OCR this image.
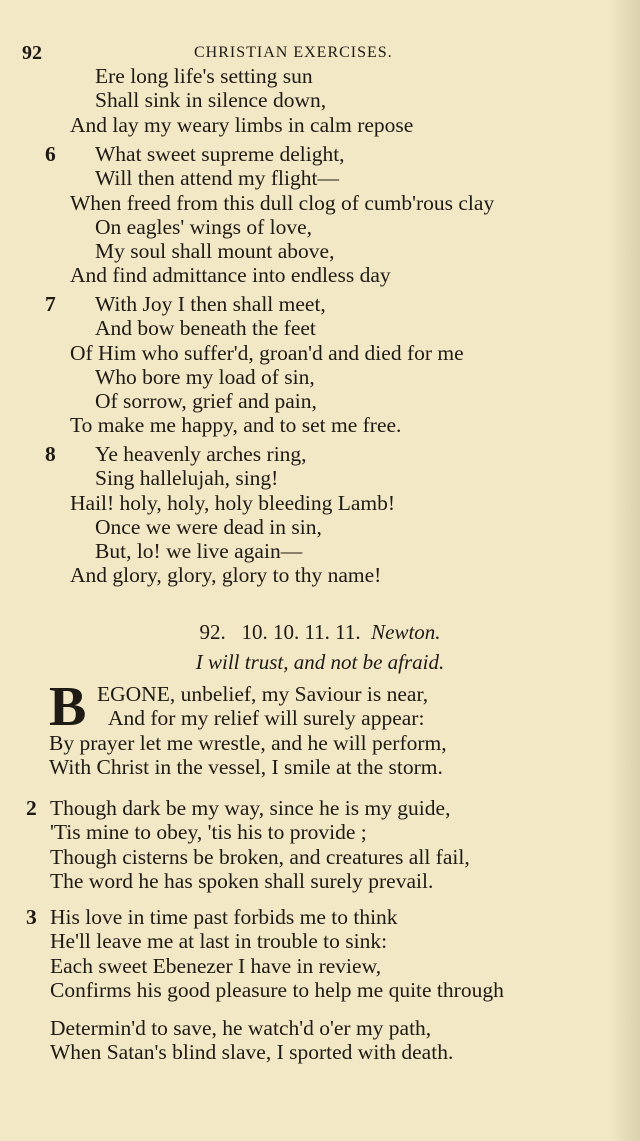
92	CHRISTIAN EXERCISES.
Ere long life's setting sun
Shall sink in silence down,
And lay my weary limbs in calm repose
6	What sweet supreme delight,
Will then attend my flight—
When freed from this dull clog of cumb'rous clay
On eagles' wings of love,
My soul shall mount above,
And find admittance into endless day
7	With Joy I then shall meet,
And bow beneath the feet
Of Him who suffer'd, groan'd and died for me
Who bore my load of sin,
Of sorrow, grief and pain,
To make me happy, and to set me free.
8	Ye heavenly arches ring,
Sing hallelujah, sing!
Hail! holy, holy, holy bleeding Lamb!
Once we were dead in sin,
But, lo! we live again—
And glory, glory, glory to thy name!
92. 10. 10. 11. 11. Newton.
I will trust, and not be afraid.
B EGONE, unbelief, my Saviour is near,
And for my relief will surely appear:
By prayer let me wrestle, and he will perform,
With Christ in the vessel, I smile at the storm.
2 Though dark be my way, since he is my guide,
'Tis mine to obey, 'tis his to provide ;
Though cisterns be broken, and creatures all fail,
The word he has spoken shall surely prevail.
3 His love in time past forbids me to think
He'll leave me at last in trouble to sink:
Each sweet Ebenezer I have in review,
Confirms his good pleasure to help me quite through
Determin'd to save, he watch'd o'er my path,
When Satan's blind slave, I sported with death.
